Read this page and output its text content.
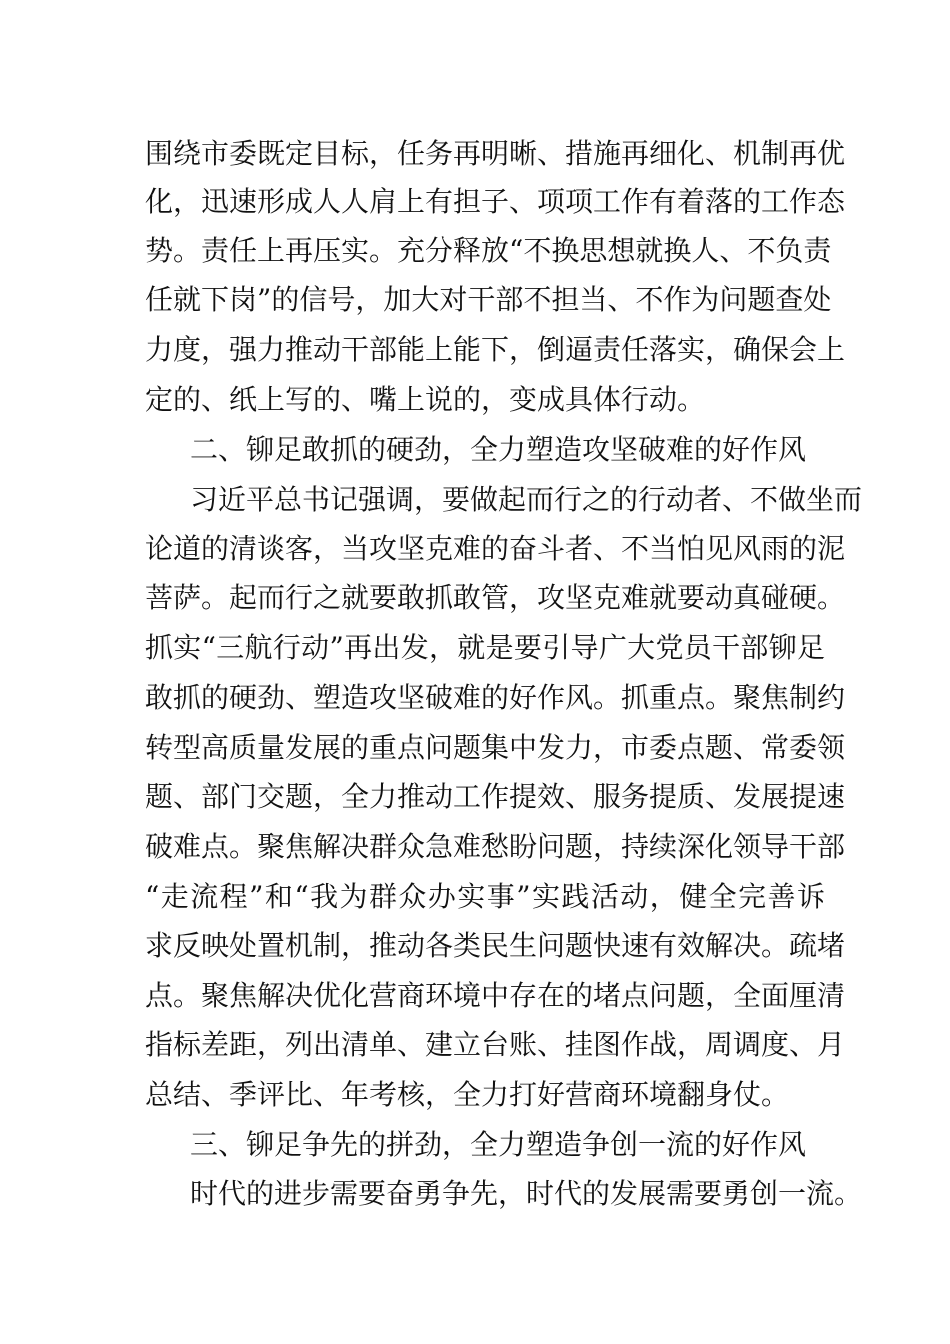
围绕市委既定目标，任务再明晰、措施再细化、机制再优
化，迅速形成人人肩上有担子、项项工作有着落的工作态
势。责任上再压实。充分释放“不换思想就换人、不负责
任就下岗”的信号，加大对干部不担当、不作为问题查处
力度，强力推动干部能上能下，倒逼责任落实，确保会上
定的、纸上写的、嘴上说的，变成具体行动。
二、铆足敢抓的硬劲，全力塑造攻坚破难的好作风
习近平总书记强调，要做起而行之的行动者、不做坐而
论道的清谈客，当攻坚克难的奋斗者、不当怕见风雨的泥
菩萨。起而行之就要敢抓敢管，攻坚克难就要动真碰硬。
抓实“三航行动”再出发，就是要引导广大党员干部铆足
敢抓的硬劲、塑造攻坚破难的好作风。抓重点。聚焦制约
转型高质量发展的重点问题集中发力，市委点题、常委领
题、部门交题，全力推动工作提效、服务提质、发展提速
破难点。聚焦解决群众急难愁盼问题，持续深化领导干部
“走流程”和“我为群众办实事”实践活动，健全完善诉
求反映处置机制，推动各类民生问题快速有效解决。疏堵
点。聚焦解决优化营商环境中存在的堵点问题，全面厘清
指标差距，列出清单、建立台账、挂图作战，周调度、月
总结、季评比、年考核，全力打好营商环境翻身仗。
三、铆足争先的拼劲，全力塑造争创一流的好作风
时代的进步需要奋勇争先，时代的发展需要勇创一流。
